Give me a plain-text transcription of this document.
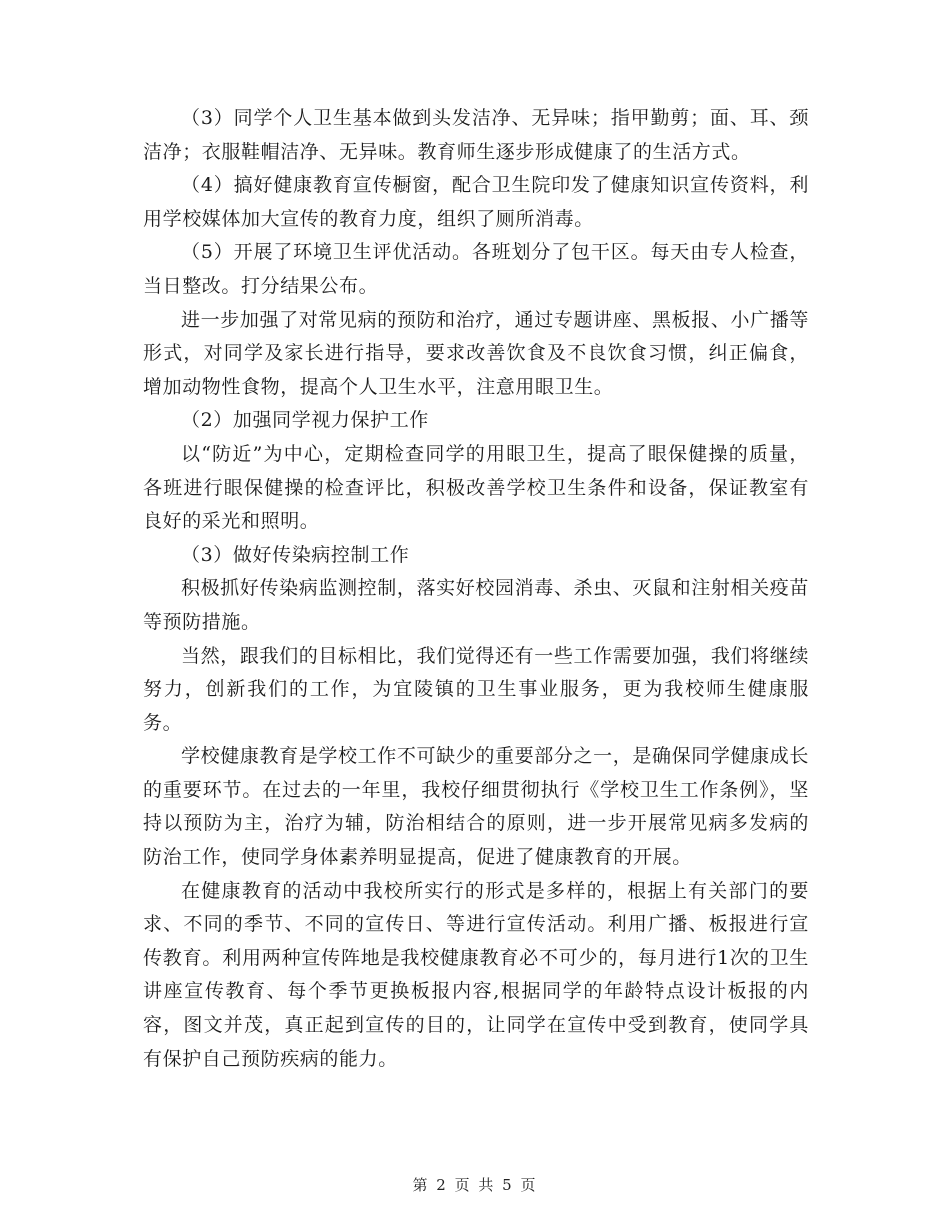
（3）同学个人卫生基本做到头发洁净、无异味；指甲勤剪；面、耳、颈洁净；衣服鞋帽洁净、无异味。教育师生逐步形成健康了的生活方式。

（4）搞好健康教育宣传橱窗，配合卫生院印发了健康知识宣传资料，利用学校媒体加大宣传的教育力度，组织了厕所消毒。

（5）开展了环境卫生评优活动。各班划分了包干区。每天由专人检查，当日整改。打分结果公布。

进一步加强了对常见病的预防和治疗，通过专题讲座、黑板报、小广播等形式，对同学及家长进行指导，要求改善饮食及不良饮食习惯，纠正偏食，增加动物性食物，提高个人卫生水平，注意用眼卫生。

（2）加强同学视力保护工作

以“防近”为中心，定期检查同学的用眼卫生，提高了眼保健操的质量，各班进行眼保健操的检查评比，积极改善学校卫生条件和设备，保证教室有良好的采光和照明。

（3）做好传染病控制工作

积极抓好传染病监测控制，落实好校园消毒、杀虫、灭鼠和注射相关疫苗等预防措施。

当然，跟我们的目标相比，我们觉得还有一些工作需要加强，我们将继续努力，创新我们的工作，为宜陵镇的卫生事业服务，更为我校师生健康服务。

学校健康教育是学校工作不可缺少的重要部分之一，是确保同学健康成长的重要环节。在过去的一年里，我校仔细贯彻执行《学校卫生工作条例》，坚持以预防为主，治疗为辅，防治相结合的原则，进一步开展常见病多发病的防治工作，使同学身体素养明显提高，促进了健康教育的开展。

在健康教育的活动中我校所实行的形式是多样的，根据上有关部门的要求、不同的季节、不同的宣传日、等进行宣传活动。利用广播、板报进行宣传教育。利用两种宣传阵地是我校健康教育必不可少的，每月进行1次的卫生讲座宣传教育、每个季节更换板报内容,根据同学的年龄特点设计板报的内容，图文并茂，真正起到宣传的目的，让同学在宣传中受到教育，使同学具有保护自己预防疾病的能力。

第 2 页 共 5 页
